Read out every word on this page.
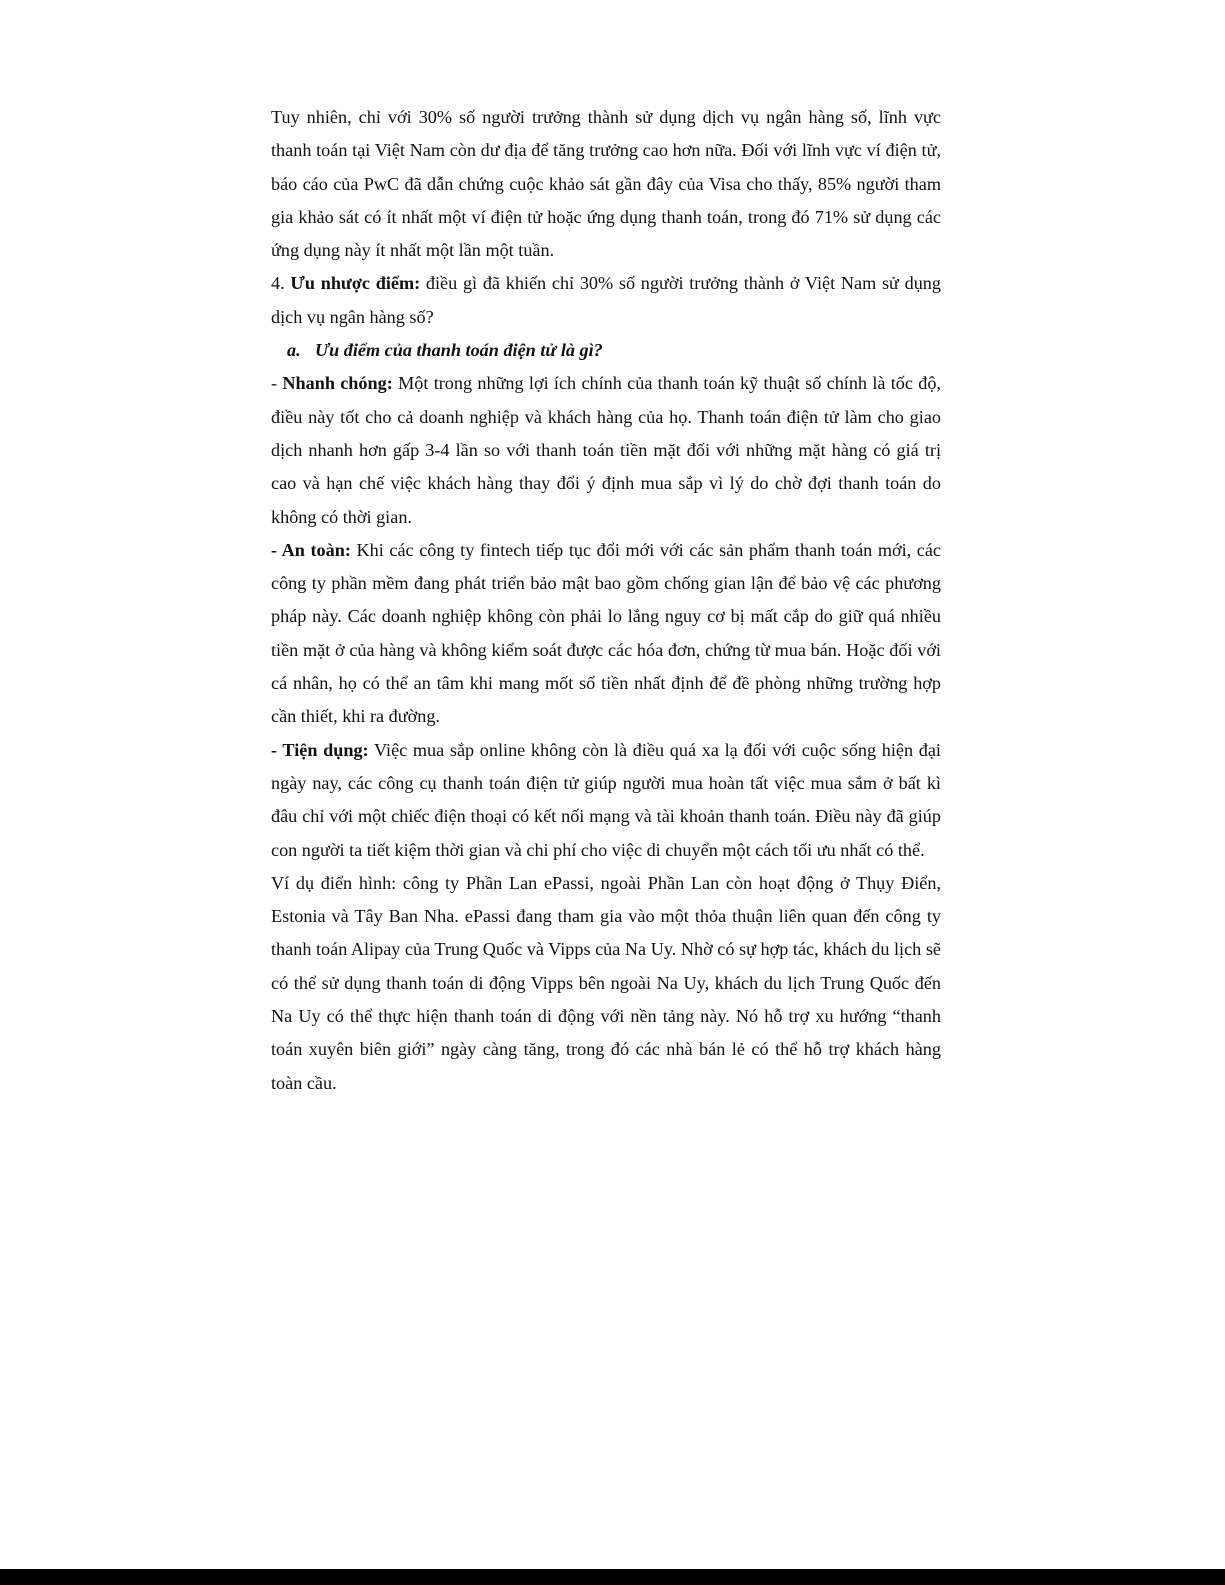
Tuy nhiên, chỉ với 30% số người trưởng thành sử dụng dịch vụ ngân hàng số, lĩnh vực thanh toán tại Việt Nam còn dư địa để tăng trưởng cao hơn nữa. Đối với lĩnh vực ví điện tử, báo cáo của PwC đã dẫn chứng cuộc khảo sát gần đây của Visa cho thấy, 85% người tham gia khảo sát có ít nhất một ví điện tử hoặc ứng dụng thanh toán, trong đó 71% sử dụng các ứng dụng này ít nhất một lần một tuần.

4. Ưu nhược điểm: điều gì đã khiến chỉ 30% số người trưởng thành ở Việt Nam sử dụng dịch vụ ngân hàng số?

a. Ưu điểm của thanh toán điện tử là gì?

- Nhanh chóng: Một trong những lợi ích chính của thanh toán kỹ thuật số chính là tốc độ, điều này tốt cho cả doanh nghiệp và khách hàng của họ. Thanh toán điện tử làm cho giao dịch nhanh hơn gấp 3-4 lần so với thanh toán tiền mặt đối với những mặt hàng có giá trị cao và hạn chế việc khách hàng thay đổi ý định mua sắp vì lý do chờ đợi thanh toán do không có thời gian.

- An toàn: Khi các công ty fintech tiếp tục đổi mới với các sản phẩm thanh toán mới, các công ty phần mềm đang phát triển bảo mật bao gồm chống gian lận để bảo vệ các phương pháp này. Các doanh nghiệp không còn phải lo lắng nguy cơ bị mất cắp do giữ quá nhiều tiền mặt ở của hàng và không kiểm soát được các hóa đơn, chứng từ mua bán. Hoặc đối với cá nhân, họ có thể an tâm khi mang mốt số tiền nhất định để đề phòng những trường hợp cần thiết, khi ra đường.

- Tiện dụng: Việc mua sắp online không còn là điều quá xa lạ đối với cuộc sống hiện đại ngày nay, các công cụ thanh toán điện tử giúp người mua hoàn tất việc mua sắm ở bất kì đâu chỉ với một chiếc điện thoại có kết nối mạng và tài khoản thanh toán. Điều này đã giúp con người ta tiết kiệm thời gian và chi phí cho việc di chuyển một cách tối ưu nhất có thể.

Ví dụ điển hình: công ty Phần Lan ePassi, ngoài Phần Lan còn hoạt động ở Thụy Điển, Estonia và Tây Ban Nha. ePassi đang tham gia vào một thỏa thuận liên quan đến công ty thanh toán Alipay của Trung Quốc và Vipps của Na Uy. Nhờ có sự hợp tác, khách du lịch sẽ có thể sử dụng thanh toán di động Vipps bên ngoài Na Uy, khách du lịch Trung Quốc đến Na Uy có thể thực hiện thanh toán di động với nền tảng này. Nó hỗ trợ xu hướng “thanh toán xuyên biên giới” ngày càng tăng, trong đó các nhà bán lẻ có thể hỗ trợ khách hàng toàn cầu.
